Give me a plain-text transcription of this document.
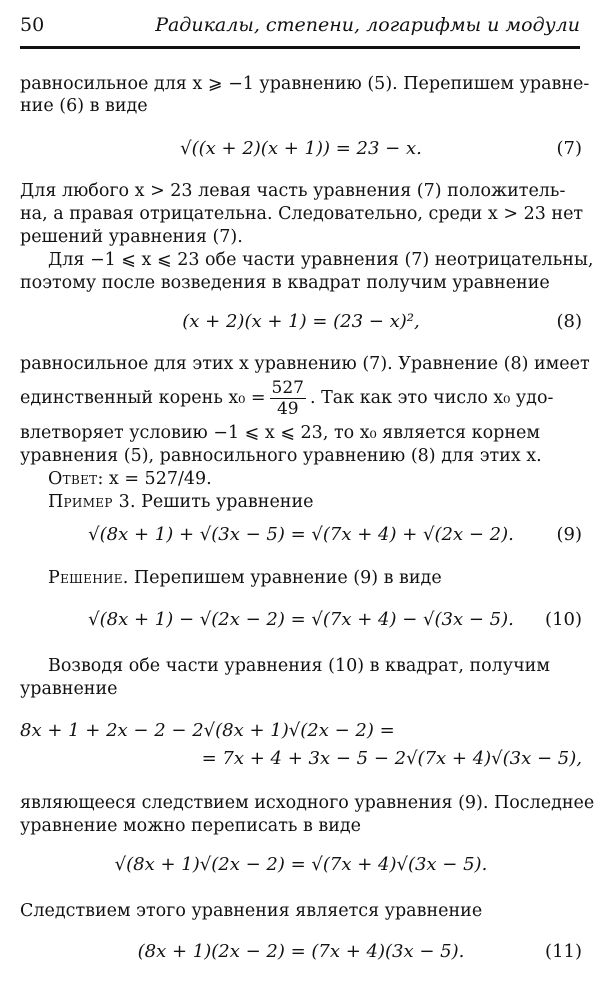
50	Радикалы, степени, логарифмы и модули
равносильное для x ⩾ −1 уравнению (5). Перепишем уравне-
ние (6) в виде
√((x + 2)(x + 1)) = 23 − x.	(7)
Для любого x > 23 левая часть уравнения (7) положитель-
на, а правая отрицательна. Следовательно, среди x > 23 нет
решений уравнения (7).
Для −1 ⩽ x ⩽ 23 обе части уравнения (7) неотрицательны,
поэтому после возведения в квадрат получим уравнение
(x + 2)(x + 1) = (23 − x)²,	(8)
равносильное для этих x уравнению (7). Уравнение (8) имеет
единственный корень $x_0 = \frac{527}{49}$ . Так как это число x₀ удо-
влетворяет условию −1 ⩽ x ⩽ 23, то x₀ является корнем
уравнения (5), равносильного уравнению (8) для этих x.
Ответ: x = 527/49.
Пример 3. Решить уравнение
√(8x + 1) + √(3x − 5) = √(7x + 4) + √(2x − 2).	(9)
Решение. Перепишем уравнение (9) в виде
√(8x + 1) − √(2x − 2) = √(7x + 4) − √(3x − 5).	(10)
Возводя обе части уравнения (10) в квадрат, получим
уравнение
8x + 1 + 2x − 2 − 2√(8x + 1)√(2x − 2) =
= 7x + 4 + 3x − 5 − 2√(7x + 4)√(3x − 5),
являющееся следствием исходного уравнения (9). Последнее
уравнение можно переписать в виде
√(8x + 1)√(2x − 2) = √(7x + 4)√(3x − 5).
Следствием этого уравнения является уравнение
(8x + 1)(2x − 2) = (7x + 4)(3x − 5).	(11)
